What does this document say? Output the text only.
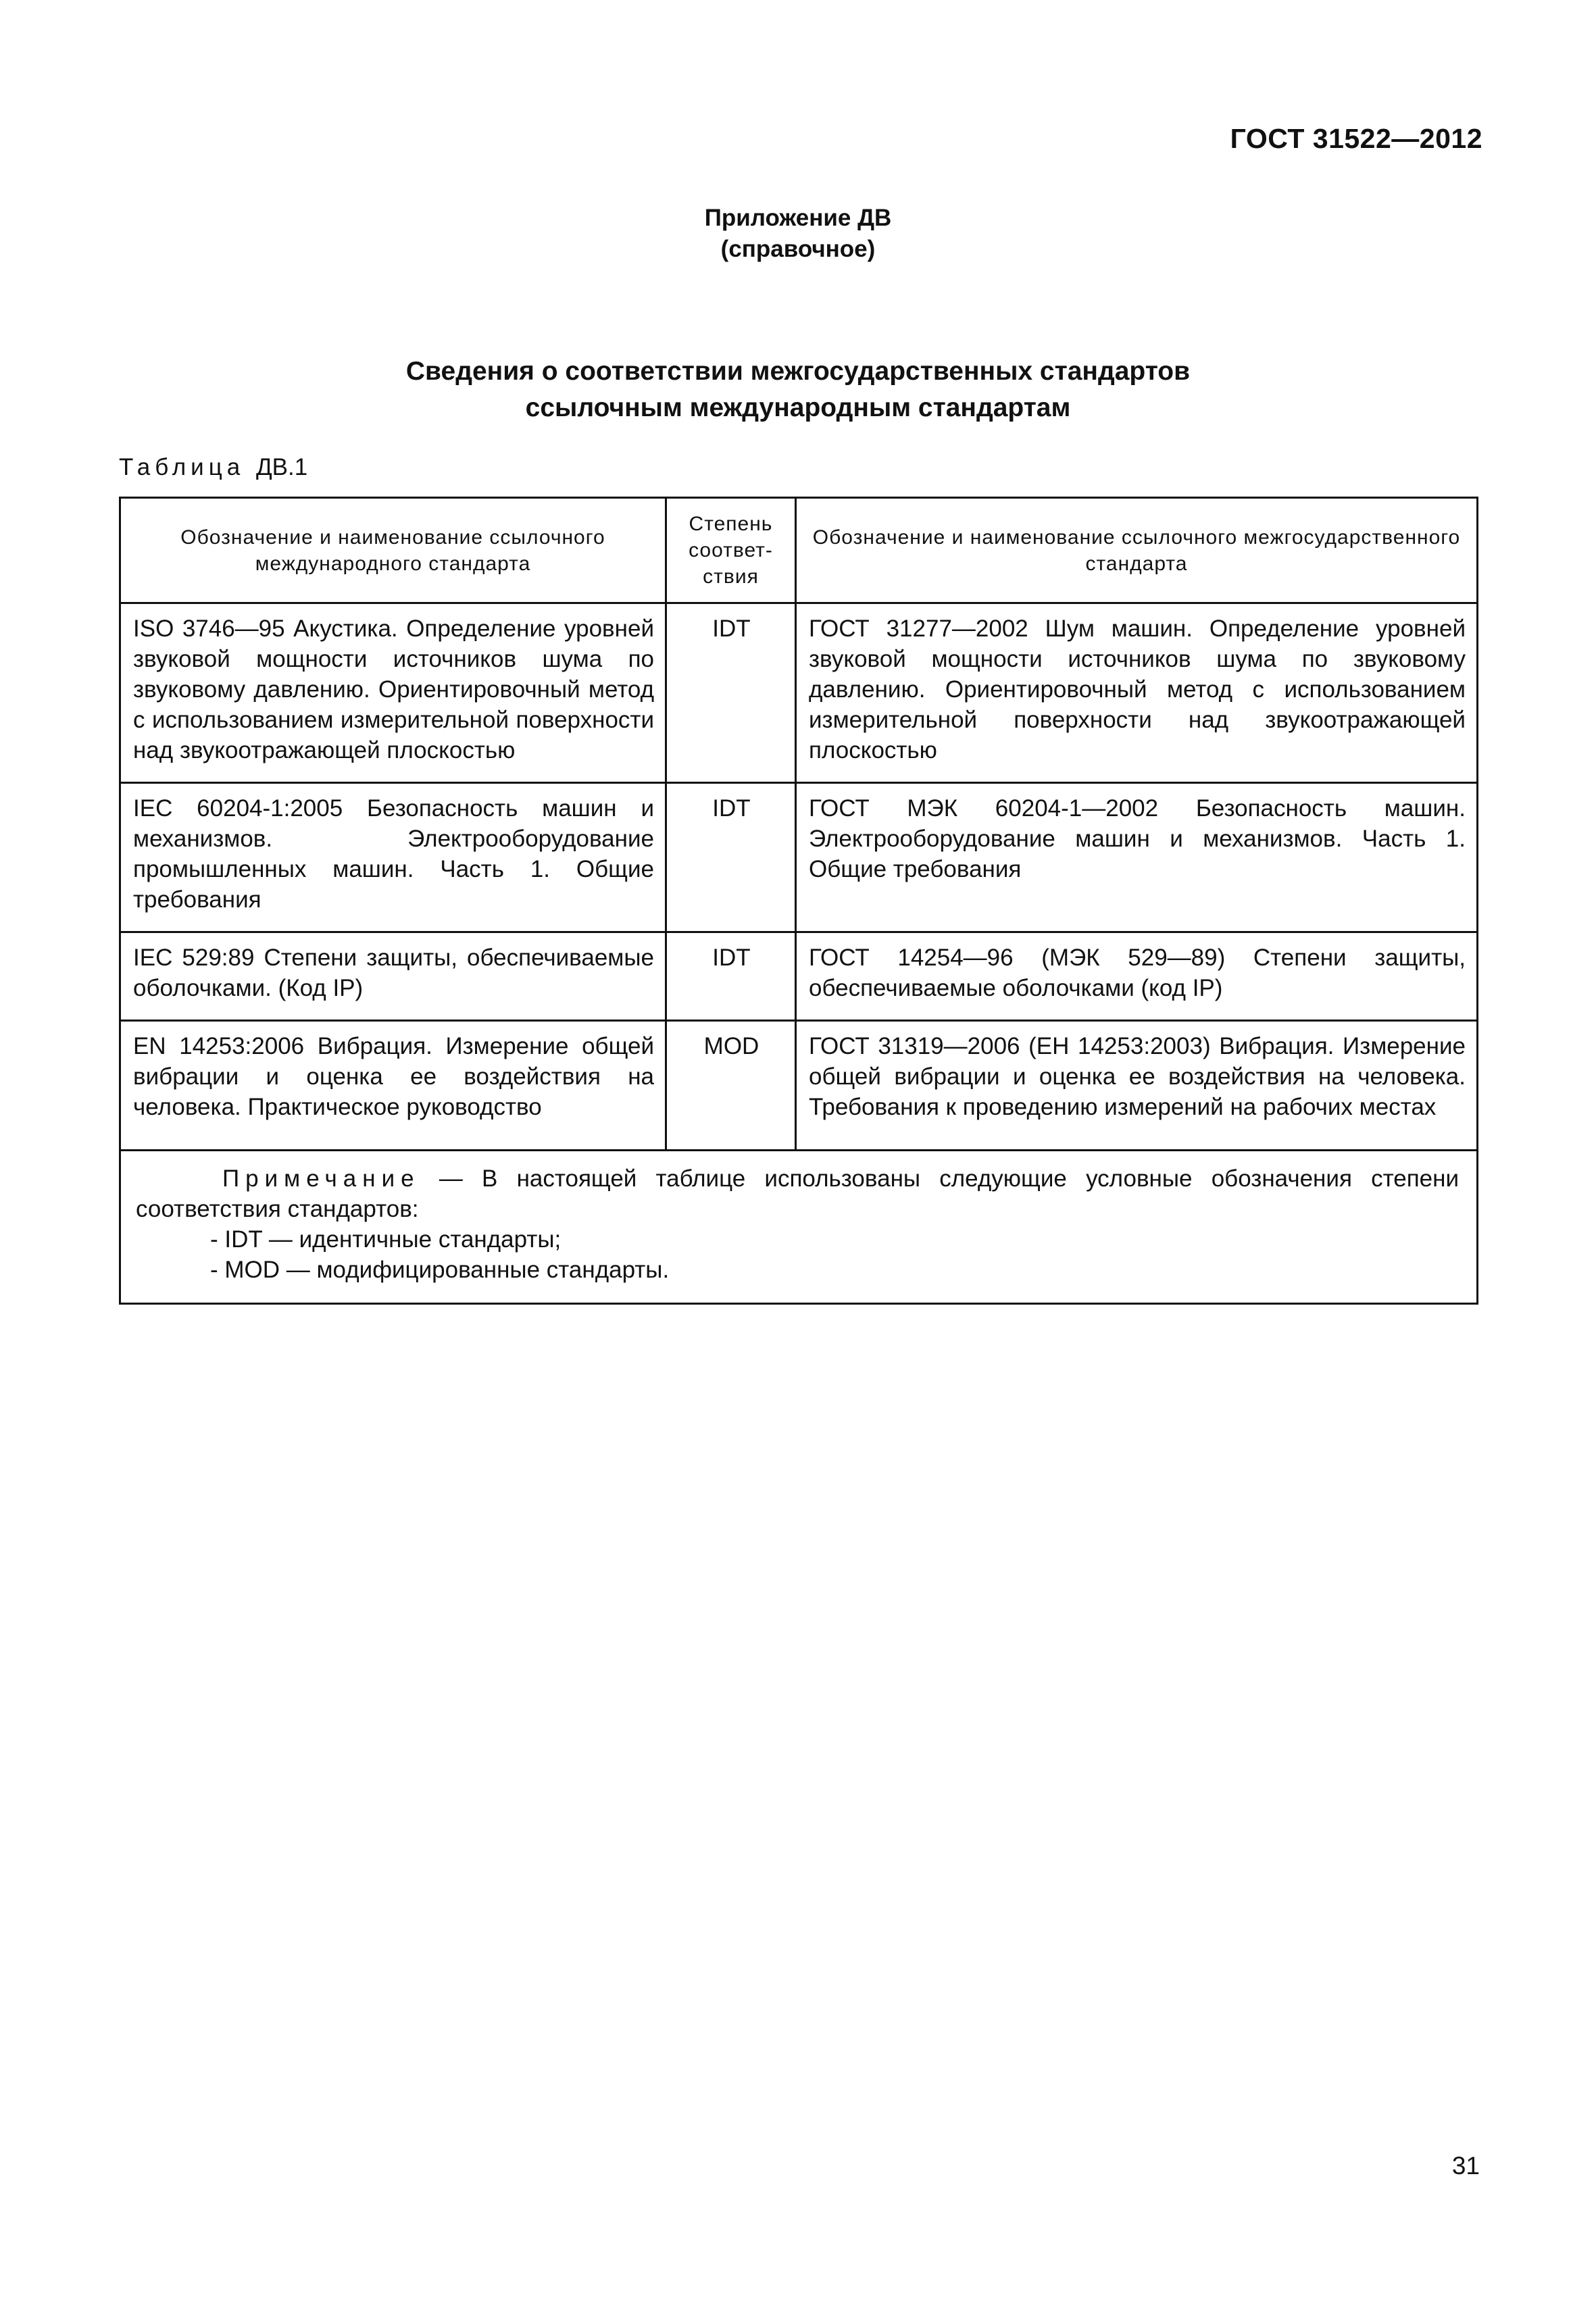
ГОСТ 31522—2012
Приложение ДВ
(справочное)
Сведения о соответствии межгосударственных стандартов
ссылочным международным стандартам
Таблица ДВ.1
Обозначение и наименование ссылочного международного стандарта	Степень соответ-ствия	Обозначение и наименование ссылочного межгосударственного стандарта
ISO 3746—95 Акустика. Определение уровней звуковой мощности источников шума по звуковому давлению. Ориентировочный метод с использованием измерительной поверхности над звукоотражающей плоскостью	IDT	ГОСТ 31277—2002 Шум машин. Определение уровней звуковой мощности источников шума по звуковому давлению. Ориентировочный метод с использованием измерительной поверхности над звукоотражающей плоскостью
IEC 60204-1:2005 Безопасность машин и механизмов. Электрооборудование промышленных машин. Часть 1. Общие требования	IDT	ГОСТ МЭК 60204-1—2002 Безопасность машин. Электрооборудование машин и механизмов. Часть 1. Общие требования
IEC 529:89 Степени защиты, обеспечиваемые оболочками. (Код IP)	IDT	ГОСТ 14254—96 (МЭК 529—89) Степени защиты, обеспечиваемые оболочками (код IP)
EN 14253:2006 Вибрация. Измерение общей вибрации и оценка ее воздействия на человека. Практическое руководство	MOD	ГОСТ 31319—2006 (ЕН 14253:2003) Вибрация. Измерение общей вибрации и оценка ее воздействия на человека. Требования к проведению измерений на рабочих местах

Примечание — В настоящей таблице использованы следующие условные обозначения степени соответствия стандартов:
- IDT — идентичные стандарты;
- MOD — модифицированные стандарты.		
31
